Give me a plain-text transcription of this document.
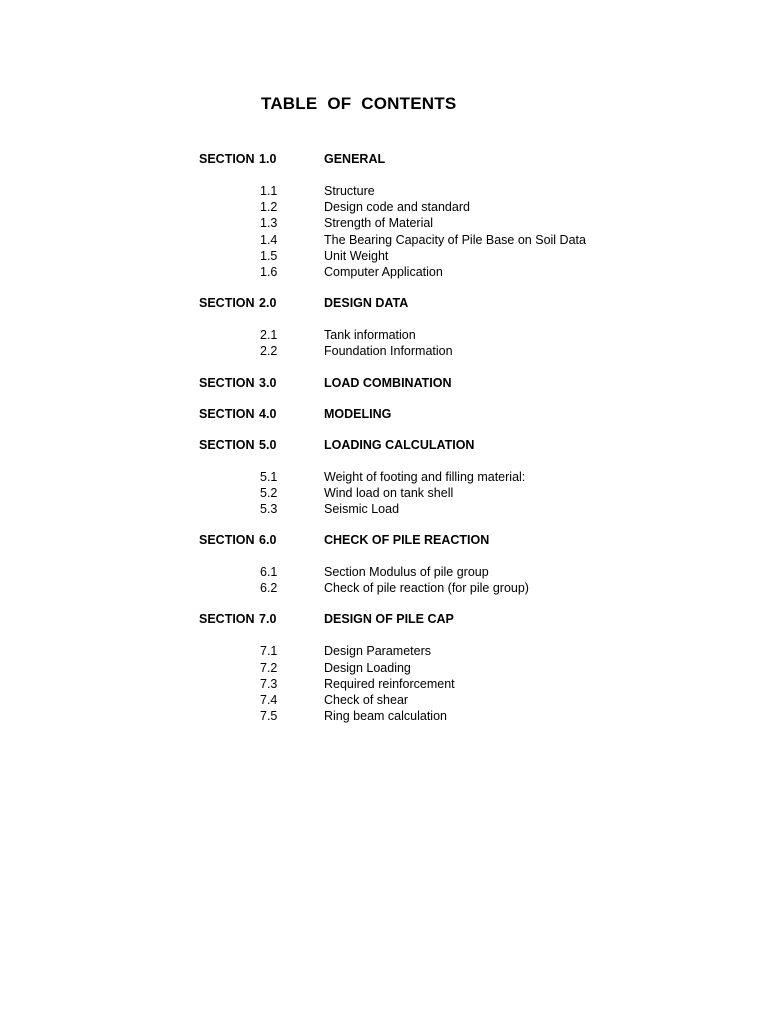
TABLE OF CONTENTS
SECTION 1.0	GENERAL
1.1	Structure
1.2	Design code and standard
1.3	Strength of Material
1.4	The Bearing Capacity of Pile Base on Soil Data
1.5	Unit Weight
1.6	Computer Application
SECTION 2.0	DESIGN DATA
2.1	Tank information
2.2	Foundation Information
SECTION 3.0	LOAD COMBINATION
SECTION 4.0	MODELING
SECTION 5.0	LOADING CALCULATION
5.1	Weight of footing and filling material:
5.2	Wind load on tank shell
5.3	Seismic Load
SECTION 6.0	CHECK OF PILE REACTION
6.1	Section Modulus of pile group
6.2	Check of pile reaction (for pile group)
SECTION 7.0	DESIGN OF PILE CAP
7.1	Design Parameters
7.2	Design Loading
7.3	Required reinforcement
7.4	Check of shear
7.5	Ring beam calculation
